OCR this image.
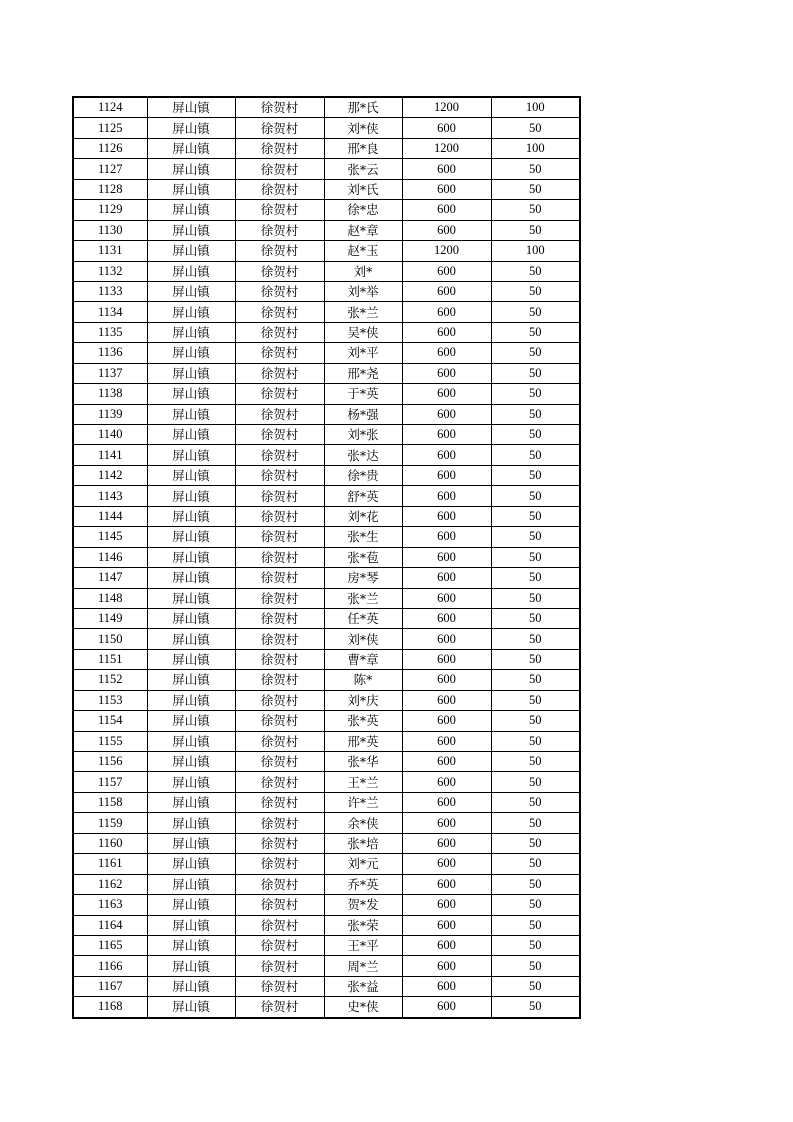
1124	屏山镇	徐贺村	那*氏	1200	100
1125	屏山镇	徐贺村	刘*侠	600	50
1126	屏山镇	徐贺村	邢*良	1200	100
1127	屏山镇	徐贺村	张*云	600	50
1128	屏山镇	徐贺村	刘*氏	600	50
1129	屏山镇	徐贺村	徐*忠	600	50
1130	屏山镇	徐贺村	赵*章	600	50
1131	屏山镇	徐贺村	赵*玉	1200	100
1132	屏山镇	徐贺村	刘*	600	50
1133	屏山镇	徐贺村	刘*举	600	50
1134	屏山镇	徐贺村	张*兰	600	50
1135	屏山镇	徐贺村	吴*侠	600	50
1136	屏山镇	徐贺村	刘*平	600	50
1137	屏山镇	徐贺村	邢*尧	600	50
1138	屏山镇	徐贺村	于*英	600	50
1139	屏山镇	徐贺村	杨*强	600	50
1140	屏山镇	徐贺村	刘*张	600	50
1141	屏山镇	徐贺村	张*达	600	50
1142	屏山镇	徐贺村	徐*贵	600	50
1143	屏山镇	徐贺村	舒*英	600	50
1144	屏山镇	徐贺村	刘*花	600	50
1145	屏山镇	徐贺村	张*生	600	50
1146	屏山镇	徐贺村	张*苞	600	50
1147	屏山镇	徐贺村	房*琴	600	50
1148	屏山镇	徐贺村	张*兰	600	50
1149	屏山镇	徐贺村	任*英	600	50
1150	屏山镇	徐贺村	刘*侠	600	50
1151	屏山镇	徐贺村	曹*章	600	50
1152	屏山镇	徐贺村	陈*	600	50
1153	屏山镇	徐贺村	刘*庆	600	50
1154	屏山镇	徐贺村	张*英	600	50
1155	屏山镇	徐贺村	邢*英	600	50
1156	屏山镇	徐贺村	张*华	600	50
1157	屏山镇	徐贺村	王*兰	600	50
1158	屏山镇	徐贺村	许*兰	600	50
1159	屏山镇	徐贺村	余*侠	600	50
1160	屏山镇	徐贺村	张*培	600	50
1161	屏山镇	徐贺村	刘*元	600	50
1162	屏山镇	徐贺村	乔*英	600	50
1163	屏山镇	徐贺村	贺*发	600	50
1164	屏山镇	徐贺村	张*荣	600	50
1165	屏山镇	徐贺村	王*平	600	50
1166	屏山镇	徐贺村	周*兰	600	50
1167	屏山镇	徐贺村	张*益	600	50
1168	屏山镇	徐贺村	史*侠	600	50
